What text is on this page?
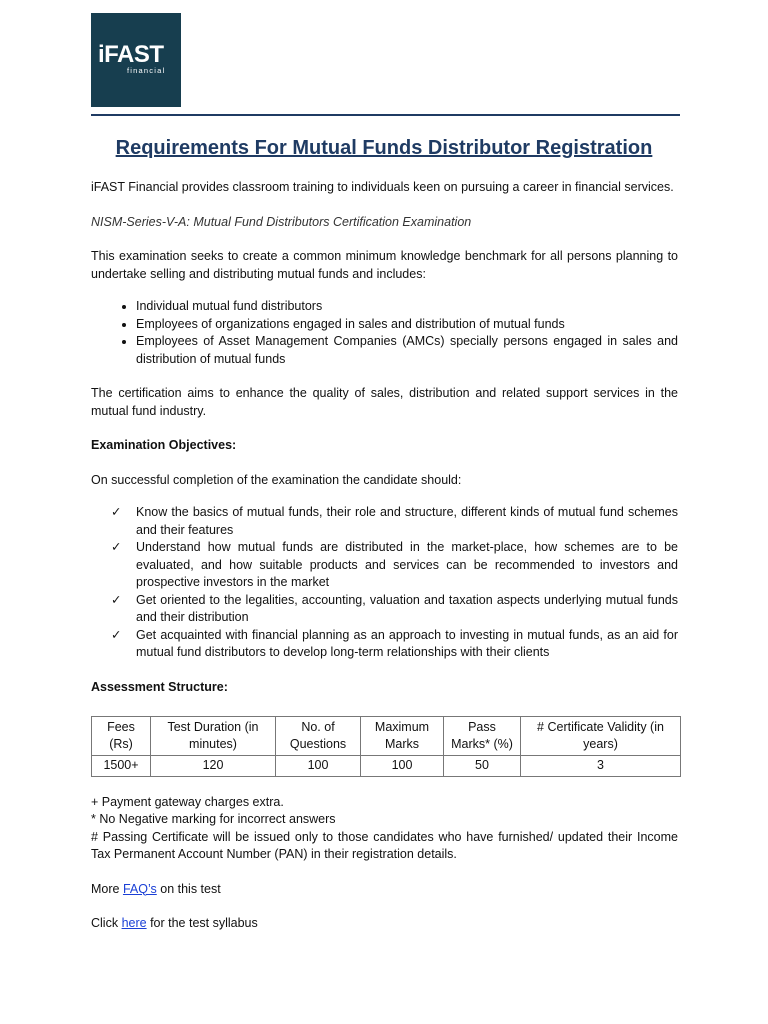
iFAST
financial
Requirements For Mutual Funds Distributor Registration

iFAST Financial provides classroom training to individuals keen on pursuing a career in financial services.

NISM-Series-V-A: Mutual Fund Distributors Certification Examination

This examination seeks to create a common minimum knowledge benchmark for all persons planning to undertake selling and distributing mutual funds and includes:

• Individual mutual fund distributors
• Employees of organizations engaged in sales and distribution of mutual funds
• Employees of Asset Management Companies (AMCs) specially persons engaged in sales and distribution of mutual funds

The certification aims to enhance the quality of sales, distribution and related support services in the mutual fund industry.

Examination Objectives:

On successful completion of the examination the candidate should:

✓ Know the basics of mutual funds, their role and structure, different kinds of mutual fund schemes and their features
✓ Understand how mutual funds are distributed in the market-place, how schemes are to be evaluated, and how suitable products and services can be recommended to investors and prospective investors in the market
✓ Get oriented to the legalities, accounting, valuation and taxation aspects underlying mutual funds and their distribution
✓ Get acquainted with financial planning as an approach to investing in mutual funds, as an aid for mutual fund distributors to develop long-term relationships with their clients

Assessment Structure:

Fees (Rs)	Test Duration (in minutes)	No. of Questions	Maximum Marks	Pass Marks* (%)	# Certificate Validity (in years)
1500+	120	100	100	50	3

+ Payment gateway charges extra.

* No Negative marking for incorrect answers

# Passing Certificate will be issued only to those candidates who have furnished/ updated their Income Tax Permanent Account Number (PAN) in their registration details.

More FAQ’s on this test

Click here for the test syllabus
